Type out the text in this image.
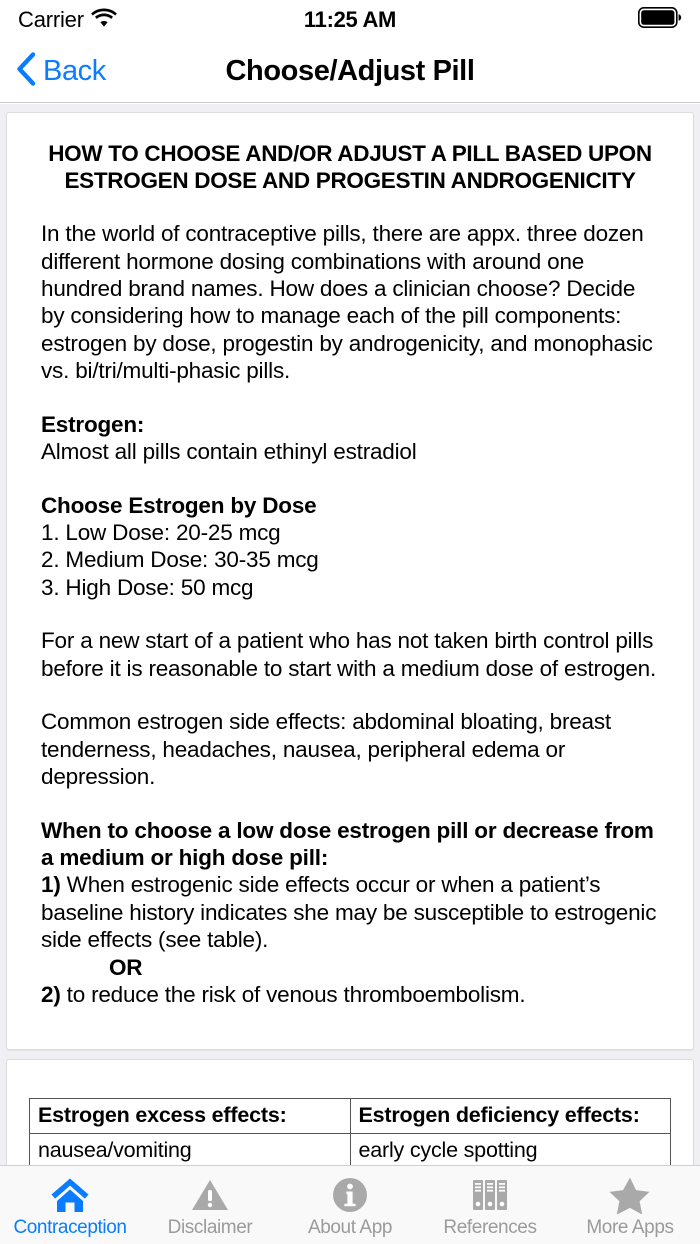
Carrier	11:25 AM
Back	Choose/Adjust Pill
HOW TO CHOOSE AND/OR ADJUST A PILL BASED UPON ESTROGEN DOSE AND PROGESTIN ANDROGENICITY
In the world of contraceptive pills, there are appx. three dozen different hormone dosing combinations with around one hundred brand names. How does a clinician choose? Decide by considering how to manage each of the pill components: estrogen by dose, progestin by androgenicity, and monophasic vs. bi/tri/multi-phasic pills.
Estrogen:
Almost all pills contain ethinyl estradiol
Choose Estrogen by Dose
1. Low Dose: 20-25 mcg
2. Medium Dose: 30-35 mcg
3. High Dose: 50 mcg
For a new start of a patient who has not taken birth control pills before it is reasonable to start with a medium dose of estrogen.
Common estrogen side effects: abdominal bloating, breast tenderness, headaches, nausea, peripheral edema or depression.
When to choose a low dose estrogen pill or decrease from a medium or high dose pill:
1) When estrogenic side effects occur or when a patient’s baseline history indicates she may be susceptible to estrogenic side effects (see table).
OR
2) to reduce the risk of venous thromboembolism.
Estrogen excess effects:	Estrogen deficiency effects:
nausea/vomiting	early cycle spotting

Contraception Disclaimer	About App	References	More Apps
